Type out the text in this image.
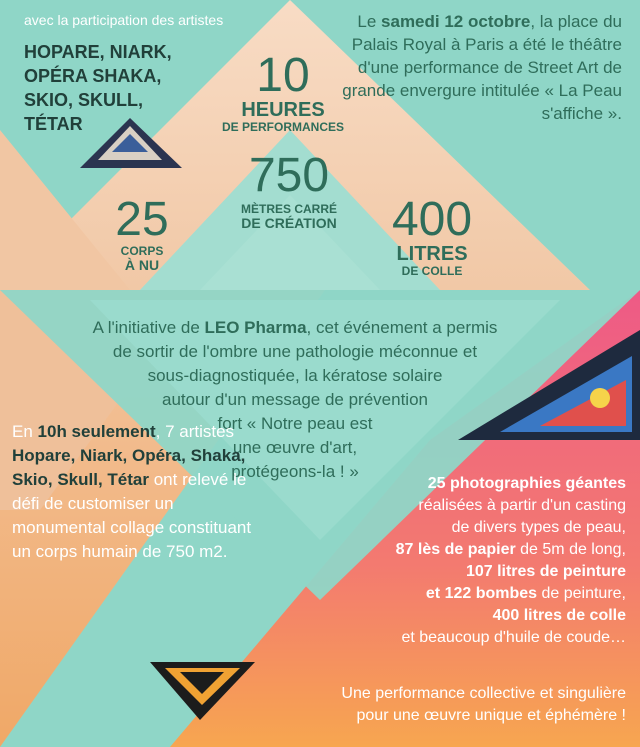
avec la participation des artistes
HOPARE, NIARK,
OPÉRA SHAKA,
SKIO, SKULL,
TÉTAR
Le samedi 12 octobre, la place du Palais Royal à Paris a été le théâtre d'une performance de Street Art de grande envergure intitulée « La Peau s'affiche ».
10
HEURES
DE PERFORMANCES
750
MÈTRES CARRÉ
DE CRÉATION
25
CORPS
À NU
400
LITRES
DE COLLE
A l'initiative de LEO Pharma, cet événement a permis
de sortir de l'ombre une pathologie méconnue et
sous-diagnostiquée, la kératose solaire
autour d'un message de prévention
fort « Notre peau est
une œuvre d'art,
protégeons-la ! »
En 10h seulement, 7 artistes Hopare, Niark, Opéra, Shaka, Skio, Skull, Tétar ont relevé le défi de customiser un monumental collage constituant un corps humain de 750 m2.
25 photographies géantes
réalisées à partir d'un casting
de divers types de peau,
87 lès de papier de 5m de long,
107 litres de peinture
et 122 bombes de peinture,
400 litres de colle
et beaucoup d'huile de coude…
Une performance collective et singulière
pour une œuvre unique et éphémère !
